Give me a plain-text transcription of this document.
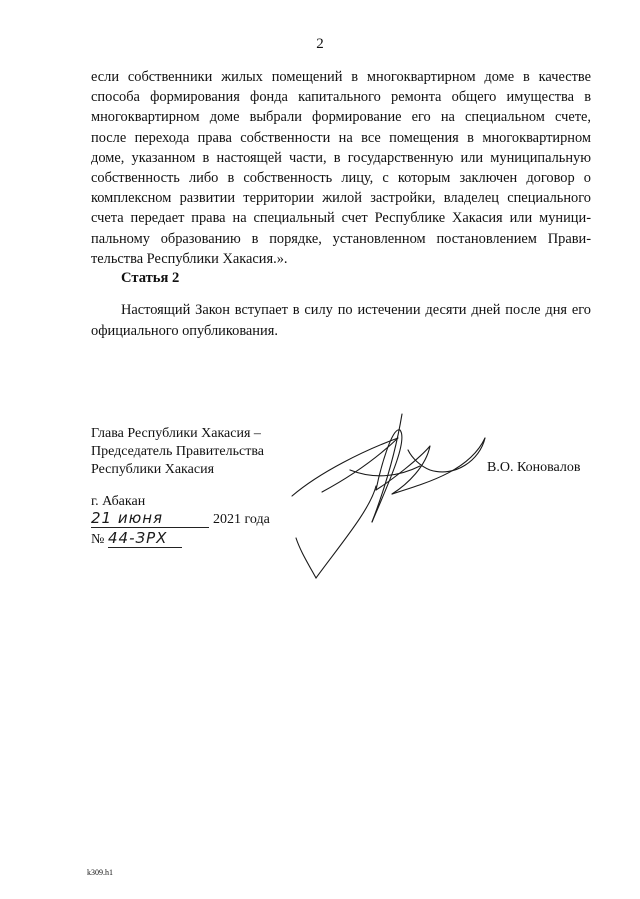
2
если собственники жилых помещений в многоквартирном доме в качестве
способа формирования фонда капитального ремонта общего имущества в
многоквартирном доме выбрали формирование его на специальном счете,
после перехода права собственности на все помещения в многоквартирном
доме, указанном в настоящей части, в государственную или муниципальную
собственность либо в собственность лицу, с которым заключен договор о
комплексном развитии территории жилой застройки, владелец специального
счета передает права на специальный счет Республике Хакасия или муници-
пальному образованию в порядке, установленном постановлением Прави-
тельства Республики Хакасия.».
Статья 2
Настоящий Закон вступает в силу по истечении десяти дней после дня его
официального опубликования.
Глава Республики Хакасия –
Председатель Правительства
Республики Хакасия	В.О. Коновалов
г. Абакан
21 июня	2021 года
№ 44-ЗРХ
k309.h1
